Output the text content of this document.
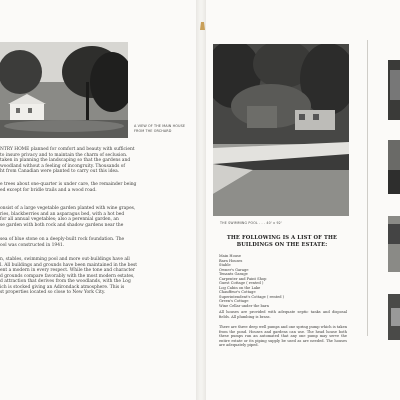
A VIEW OF THE MAIN HOUSE FROM THE ORCHARD
NTRY HOME planned for comfort and beauty with sufficient
to insure privacy and to maintain the charm of seclusion.
taken in planning the landscaping so that the gardens and
woodland without a feeling of incongruity. Thousands of
ht from Canadian were planted to carry out this idea.
e trees about one-quarter is under care, the remainder being
ed except for bridle trails and a wood road.
onsist of a large vegetable garden planted with wine grapes,
ries, blackberries and an asparagus bed, with a hot bed
for all annual vegetables; also a perennial garden, an
se garden with both rock and shadow gardens near the
sea of blue stone on a deeply-built rock foundation. The
ool was constructed in 1941.
n, stables, swimming pool and more out-buildings have all
l. All buildings and grounds have been maintained in the best
ent a modern in every respect. While the tone and character
d grounds compare favorably with the most modern estates,
d attraction that derives from the woodlands, with the Log
ich is stocked giving an Adirondack atmosphere. This is
st properties located so close to New York City.
THE SWIMMING POOL . . . 40' x 92'
THE FOLLOWING IS A LIST OF THE BUILDINGS ON THE ESTATE:
Main House
Barn Houses
Stable
Owner's Garage
Tenants Garage
Carpenter and Paint Shop
Guest Cottage ( rented )
Log Cabin on the Lake
Chauffeur's Cottage
Superintendent's Cottage ( rented )
Green's Cottage
Wine Cellar under the barn
All houses are provided with adequate septic tanks and disposal fields. All plumbing is brass.
There are three deep well pumps and one spring pump which is taken from the pond. Houses and gardens can use. The head house both these pumps run an automated that any one pump may serve the entire estate or its piping supply be used as are needed. The houses are adequately piped.
